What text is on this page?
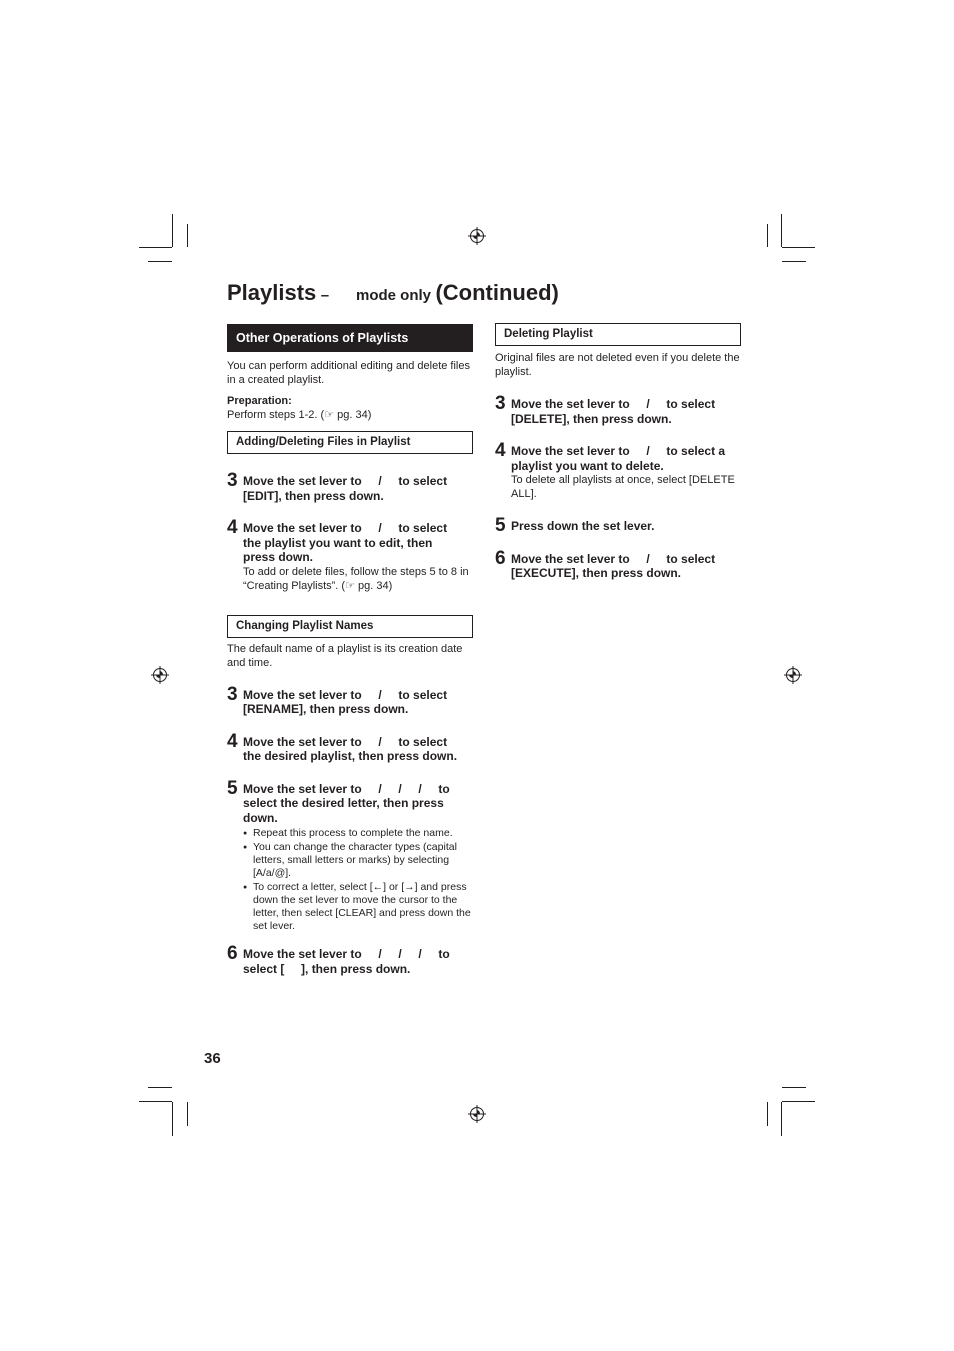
Playlists – mode only (Continued)
Other Operations of Playlists
You can perform additional editing and delete files in a created playlist.
Preparation:
Perform steps 1-2. (☞ pg. 34)
Adding/Deleting Files in Playlist
3 Move the set lever to     /     to select
[EDIT], then press down.
4 Move the set lever to     /     to select
the playlist you want to edit, then
press down.
To add or delete files, follow the steps 5 to 8 in “Creating Playlists”. (☞ pg. 34)
Changing Playlist Names
The default name of a playlist is its creation date and time.
3 Move the set lever to     /     to select
[RENAME], then press down.
4 Move the set lever to     /     to select
the desired playlist, then press down.
5 Move the set lever to     /     /     /     to
select the desired letter, then press
down.
● Repeat this process to complete the name.
● You can change the character types (capital letters, small letters or marks) by selecting [A/a/@].
● To correct a letter, select [←] or [→] and press down the set lever to move the cursor to the letter, then select [CLEAR] and press down the set lever.
6 Move the set lever to     /     /     /     to
select [     ], then press down.
Deleting Playlist
Original files are not deleted even if you delete the playlist.
3 Move the set lever to     /     to select
[DELETE], then press down.
4 Move the set lever to     /     to select a
playlist you want to delete.
To delete all playlists at once, select [DELETE ALL].
5 Press down the set lever.
6 Move the set lever to     /     to select
[EXECUTE], then press down.
36
